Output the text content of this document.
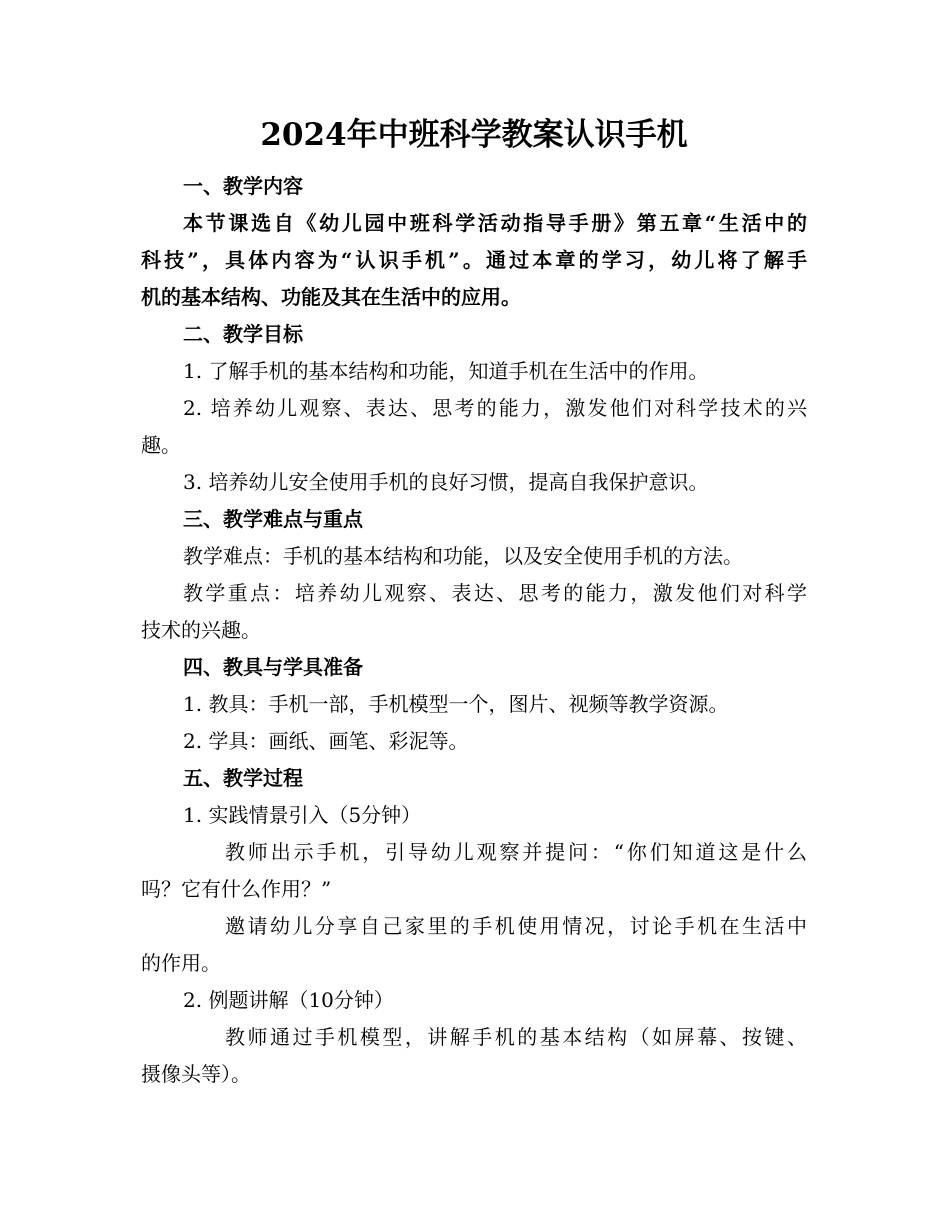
2024年中班科学教案认识手机

一、教学内容

本节课选自《幼儿园中班科学活动指导手册》第五章“生活中的

科技”，具体内容为“认识手机”。通过本章的学习，幼儿将了解手

机的基本结构、功能及其在生活中的应用。

二、教学目标

1. 了解手机的基本结构和功能，知道手机在生活中的作用。

2. 培养幼儿观察、表达、思考的能力，激发他们对科学技术的兴

趣。

3. 培养幼儿安全使用手机的良好习惯，提高自我保护意识。

三、教学难点与重点

教学难点：手机的基本结构和功能，以及安全使用手机的方法。

教学重点：培养幼儿观察、表达、思考的能力，激发他们对科学

技术的兴趣。

四、教具与学具准备

1. 教具：手机一部，手机模型一个，图片、视频等教学资源。

2. 学具：画纸、画笔、彩泥等。

五、教学过程

1. 实践情景引入（5分钟）

教师出示手机，引导幼儿观察并提问：“你们知道这是什么

吗？它有什么作用？”

邀请幼儿分享自己家里的手机使用情况，讨论手机在生活中

的作用。

2. 例题讲解（10分钟）

教师通过手机模型，讲解手机的基本结构（如屏幕、按键、

摄像头等）。
